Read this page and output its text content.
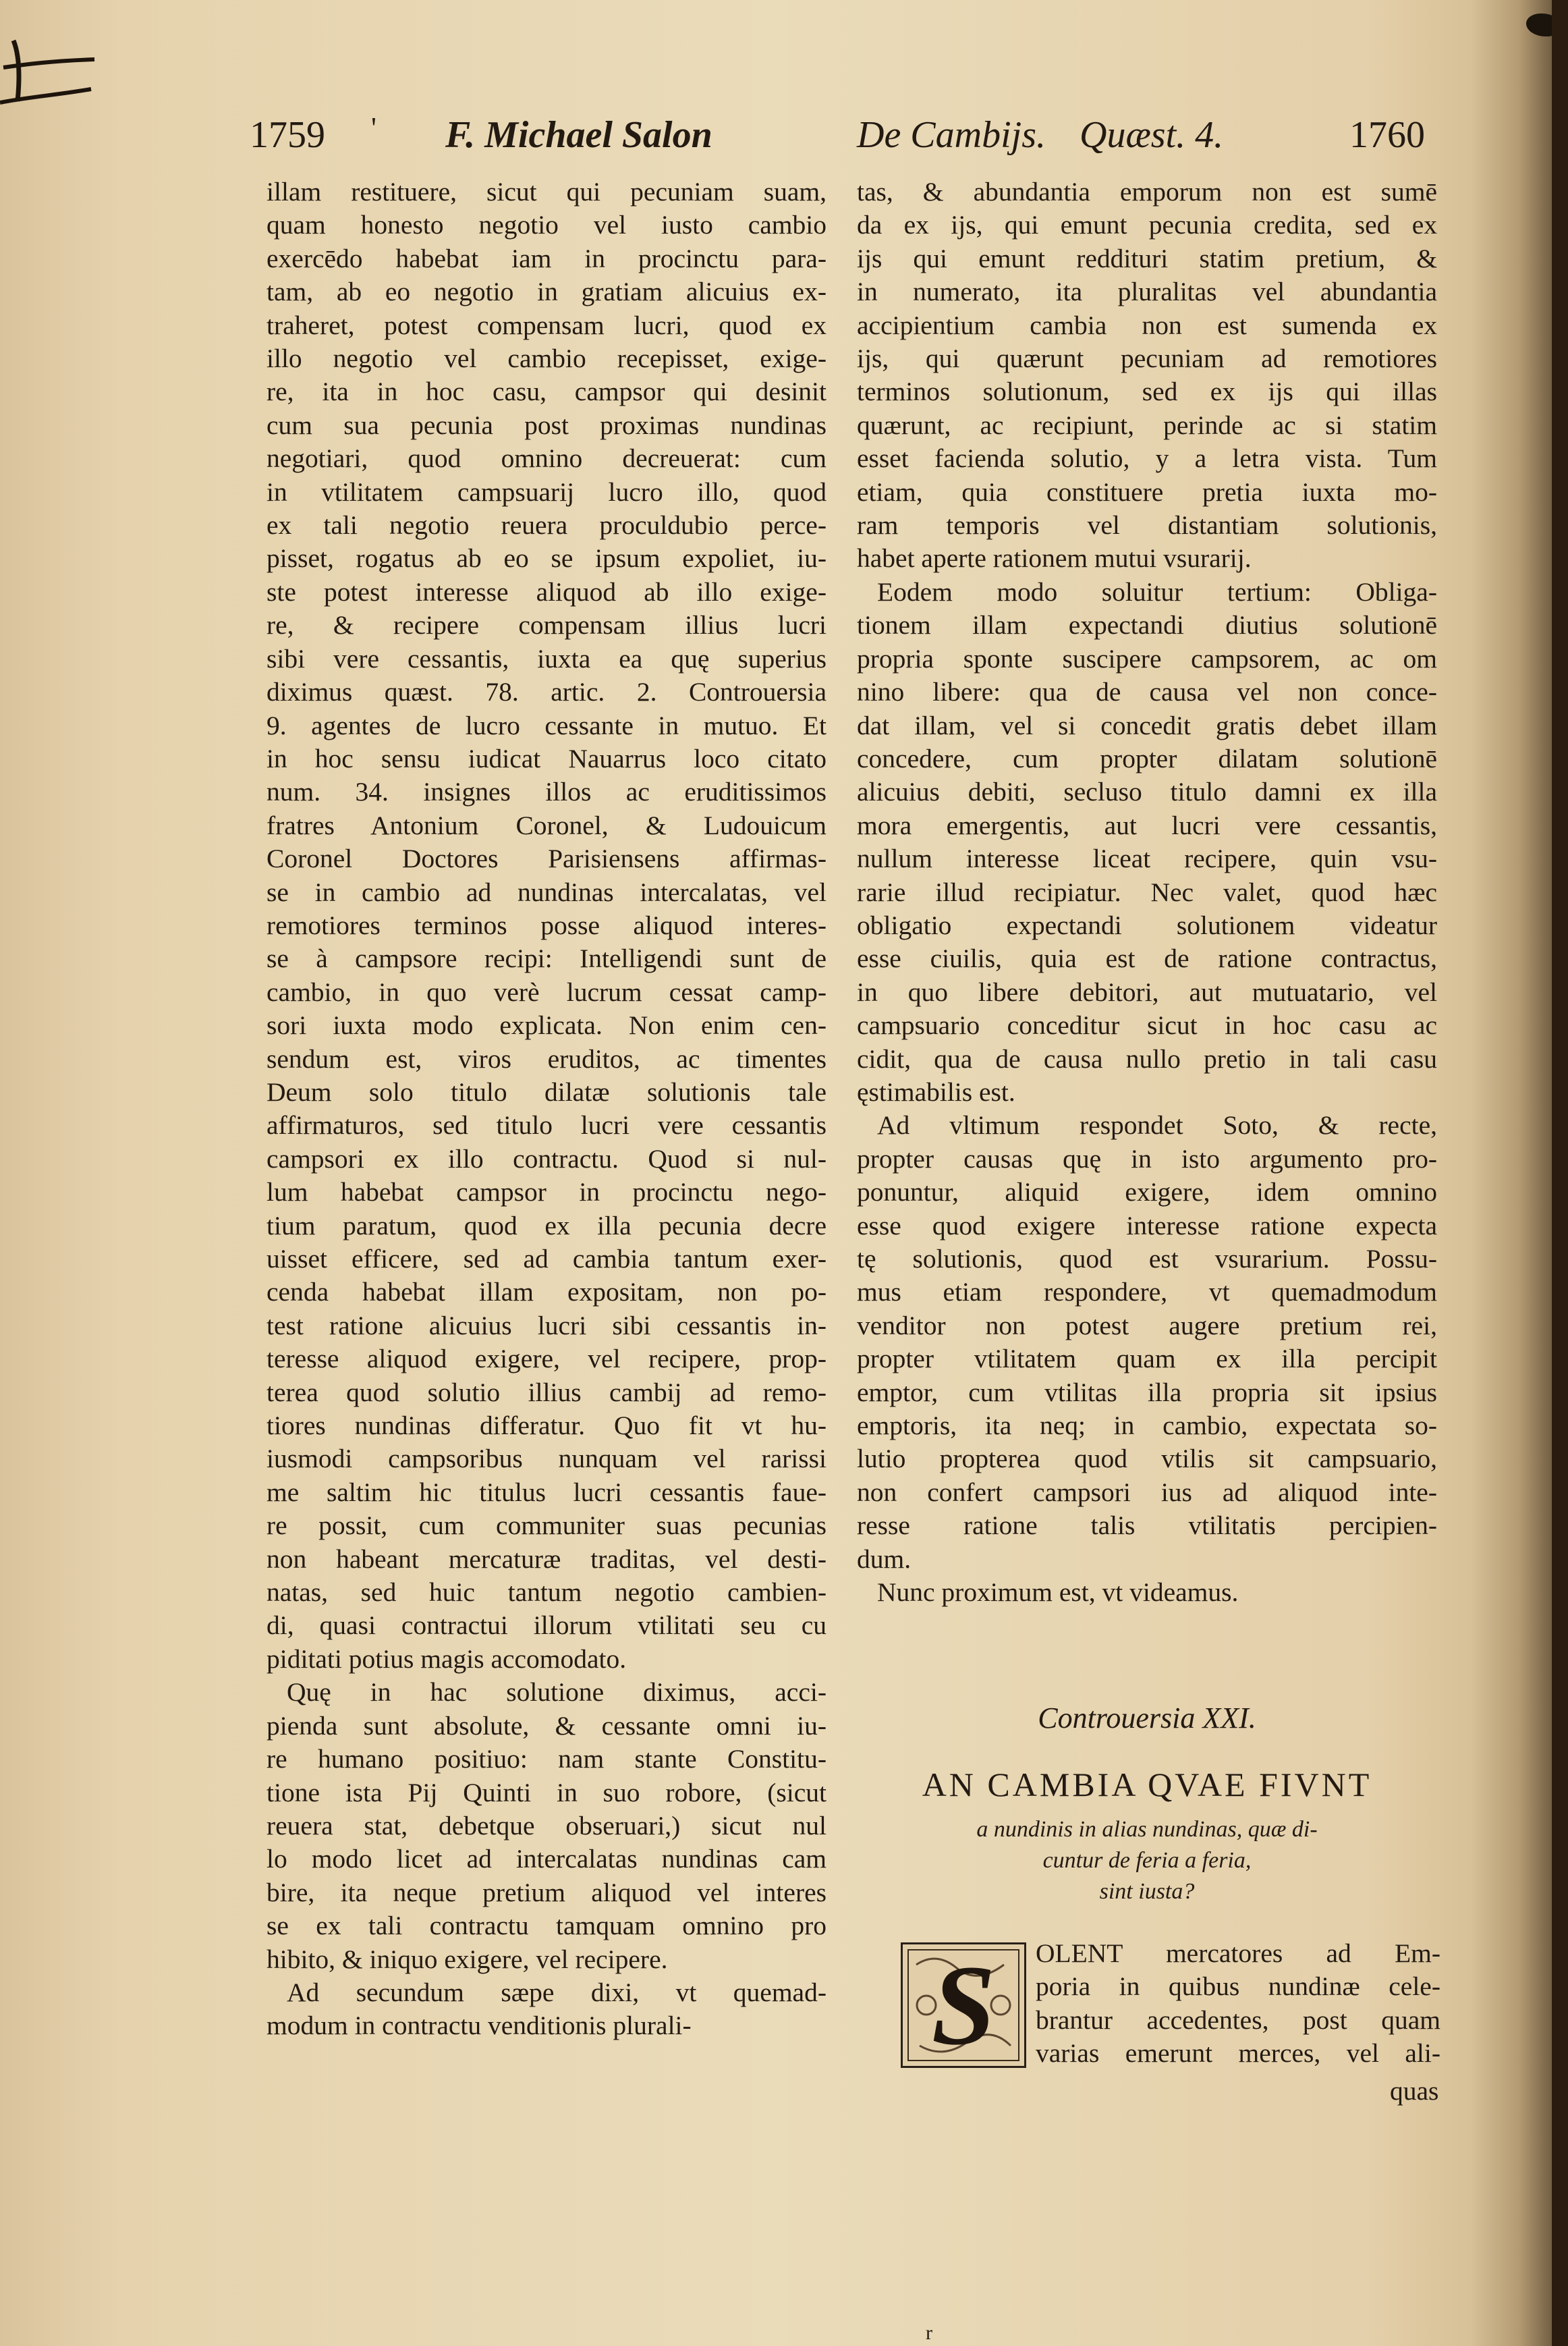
1759 ' F. Michael Salon	De Cambijs. Quæst. 4.	1760
illam restituere, sicut qui pecuniam suam,
quam honesto negotio vel iusto cambio
exercēdo habebat iam in procinctu para-
tam, ab eo negotio in gratiam alicuius ex-
traheret, potest compensam lucri, quod ex
illo negotio vel cambio recepisset, exige-
re, ita in hoc casu, campsor qui desinit
cum sua pecunia post proximas nundinas
negotiari, quod omnino decreuerat: cum
in vtilitatem campsuarij lucro illo, quod
ex tali negotio reuera proculdubio perce-
pisset, rogatus ab eo se ipsum expoliet, iu-
ste potest interesse aliquod ab illo exige-
re, & recipere compensam illius lucri
sibi vere cessantis, iuxta ea quę superius
diximus quæst. 78. artic. 2. Controuersia
9. agentes de lucro cessante in mutuo. Et
in hoc sensu iudicat Nauarrus loco citato
num. 34. insignes illos ac eruditissimos
fratres Antonium Coronel, & Ludouicum
Coronel Doctores Parisiensens affirmas-
se in cambio ad nundinas intercalatas, vel
remotiores terminos posse aliquod interes-
se à campsore recipi: Intelligendi sunt de
cambio, in quo verè lucrum cessat camp-
sori iuxta modo explicata. Non enim cen-
sendum est, viros eruditos, ac timentes
Deum solo titulo dilatæ solutionis tale
affirmaturos, sed titulo lucri vere cessantis
campsori ex illo contractu. Quod si nul-
lum habebat campsor in procinctu nego-
tium paratum, quod ex illa pecunia decre
uisset efficere, sed ad cambia tantum exer-
cenda habebat illam expositam, non po-
test ratione alicuius lucri sibi cessantis in-
teresse aliquod exigere, vel recipere, prop-
terea quod solutio illius cambij ad remo-
tiores nundinas differatur. Quo fit vt hu-
iusmodi campsoribus nunquam vel rarissi
me saltim hic titulus lucri cessantis faue-
re possit, cum communiter suas pecunias
non habeant mercaturæ traditas, vel desti-
natas, sed huic tantum negotio cambien-
di, quasi contractui illorum vtilitati seu cu
piditati potius magis accomodato.
Quę in hac solutione diximus, acci-
pienda sunt absolute, & cessante omni iu-
re humano positiuo: nam stante Constitu-
tione ista Pij Quinti in suo robore, (sicut
reuera stat, debetque obseruari,) sicut nul
lo modo licet ad intercalatas nundinas cam
bire, ita neque pretium aliquod vel interes
se ex tali contractu tamquam omnino pro
hibito, & iniquo exigere, vel recipere.
Ad secundum sæpe dixi, vt quemad-
modum in contractu venditionis plurali-
tas, & abundantia emporum non est sumē
da ex ijs, qui emunt pecunia credita, sed ex
ijs qui emunt reddituri statim pretium, &
in numerato, ita pluralitas vel abundantia
accipientium cambia non est sumenda ex
ijs, qui quærunt pecuniam ad remotiores
terminos solutionum, sed ex ijs qui illas
quærunt, ac recipiunt, perinde ac si statim
esset facienda solutio, y a letra vista. Tum
etiam, quia constituere pretia iuxta mo-
ram temporis vel distantiam solutionis,
habet aperte rationem mutui vsurarij.
Eodem modo soluitur tertium: Obliga-
tionem illam expectandi diutius solutionē
propria sponte suscipere campsorem, ac om
nino libere: qua de causa vel non conce-
dat illam, vel si concedit gratis debet illam
concedere, cum propter dilatam solutionē
alicuius debiti, secluso titulo damni ex illa
mora emergentis, aut lucri vere cessantis,
nullum interesse liceat recipere, quin vsu-
rarie illud recipiatur. Nec valet, quod hæc
obligatio expectandi solutionem videatur
esse ciuilis, quia est de ratione contractus,
in quo libere debitori, aut mutuatario, vel
campsuario conceditur sicut in hoc casu ac
cidit, qua de causa nullo pretio in tali casu
ęstimabilis est.
Ad vltimum respondet Soto, & recte,
propter causas quę in isto argumento pro-
ponuntur, aliquid exigere, idem omnino
esse quod exigere interesse ratione expecta
tę solutionis, quod est vsurarium. Possu-
mus etiam respondere, vt quemadmodum
venditor non potest augere pretium rei,
propter vtilitatem quam ex illa percipit
emptor, cum vtilitas illa propria sit ipsius
emptoris, ita neq; in cambio, expectata so-
lutio propterea quod vtilis sit campsuario,
non confert campsori ius ad aliquod inte-
resse ratione talis vtilitatis percipien-
dum.
Nunc proximum est, vt videamus.
Controuersia XXI.
AN CAMBIA QVAE FIVNT
a nundinis in alias nundinas, quæ di-
cuntur de feria a feria,
sint iusta?
S	OLENT mercatores ad Em-
poria in quibus nundinæ cele-
brantur accedentes, post quam
varias emerunt merces, vel ali-
quas
r
